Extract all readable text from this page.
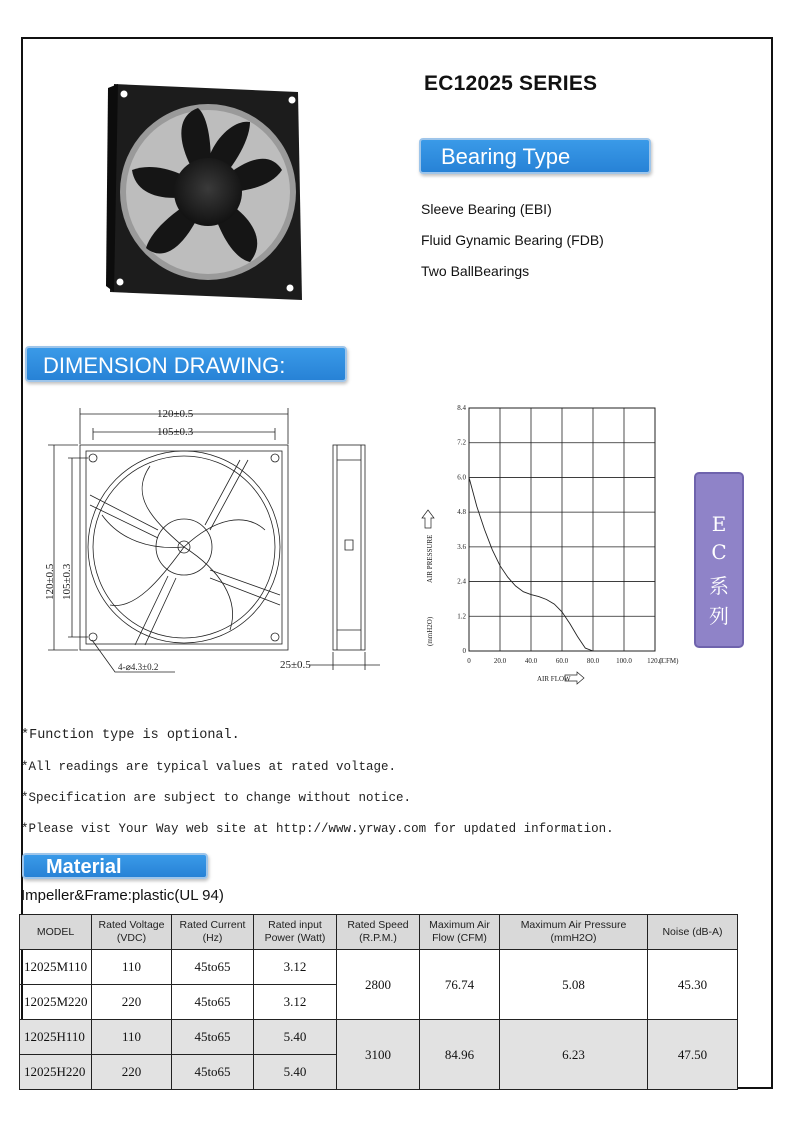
EC12025 SERIES
Bearing Type
Sleeve Bearing (EBI)
Fluid Gynamic Bearing (FDB)
Two BallBearings
DIMENSION DRAWING:
120±0.5
105±0.3
120±0.5 105±0.3
4-⌀4.3±0.2	25±0.5	0	20.0	40.0	60.0	80.0 100.0 120.0
0
1.2
2.4
3.6
4.8
6.0
7.2
8.4
(CFM)
(mmH2O)
AIR PRESSURE
AIR FLOW
E
C
系
列
*Function type is optional.
*All readings are typical values at rated voltage.
*Specification are subject to change without notice.
*Please vist Your Way web site at http://www.yrway.com for updated information.
Material
Impeller&Frame:plastic(UL 94)
MODEL	Rated Voltage (VDC)	Rated Current (Hz)	Rated input Power (Watt)	Rated Speed (R.P.M.)	Maximum Air Flow (CFM)	Maximum Air Pressure (mmH2O)	Noise (dB-A)
12025M110	110	45to65	3.12	2800	76.74	5.08	45.30
12025M220	220	45to65	3.12				
12025H110	110	45to65	5.40	3100	84.96	6.23	47.50
12025H220	220	45to65	5.40				
